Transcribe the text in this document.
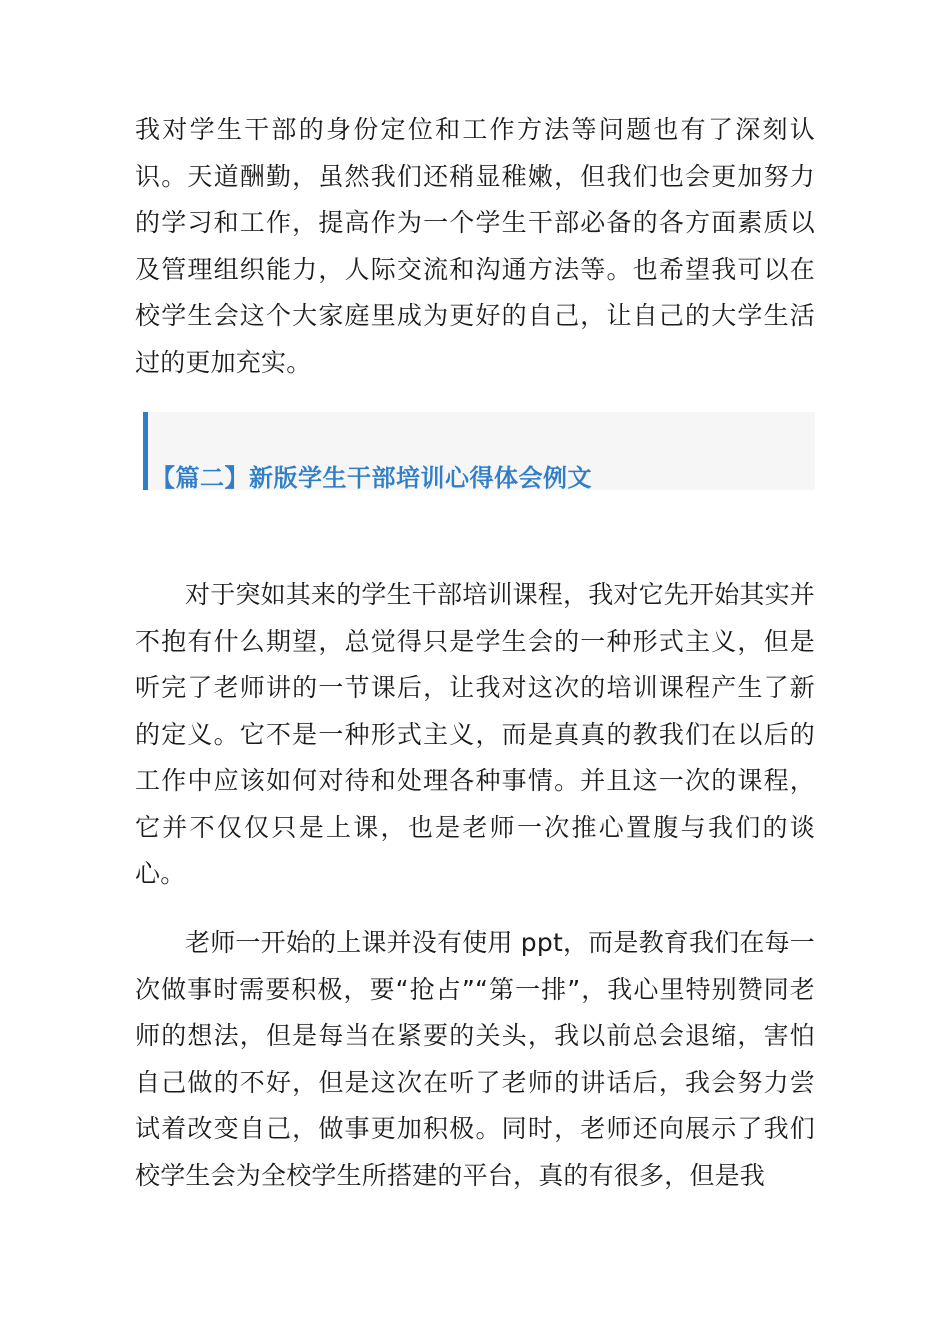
我对学生干部的身份定位和工作方法等问题也有了深刻认识。天道酬勤，虽然我们还稍显稚嫩，但我们也会更加努力的学习和工作，提高作为一个学生干部必备的各方面素质以及管理组织能力，人际交流和沟通方法等。也希望我可以在校学生会这个大家庭里成为更好的自己，让自己的大学生活过的更加充实。

【篇二】新版学生干部培训心得体会例文

对于突如其来的学生干部培训课程，我对它先开始其实并不抱有什么期望，总觉得只是学生会的一种形式主义，但是听完了老师讲的一节课后，让我对这次的培训课程产生了新的定义。它不是一种形式主义，而是真真的教我们在以后的工作中应该如何对待和处理各种事情。并且这一次的课程，它并不仅仅只是上课，也是老师一次推心置腹与我们的谈心。

老师一开始的上课并没有使用 ppt，而是教育我们在每一次做事时需要积极，要“抢占”“第一排”，我心里特别赞同老师的想法，但是每当在紧要的关头，我以前总会退缩，害怕自己做的不好，但是这次在听了老师的讲话后，我会努力尝试着改变自己，做事更加积极。同时，老师还向展示了我们校学生会为全校学生所搭建的平台，真的有很多，但是我
